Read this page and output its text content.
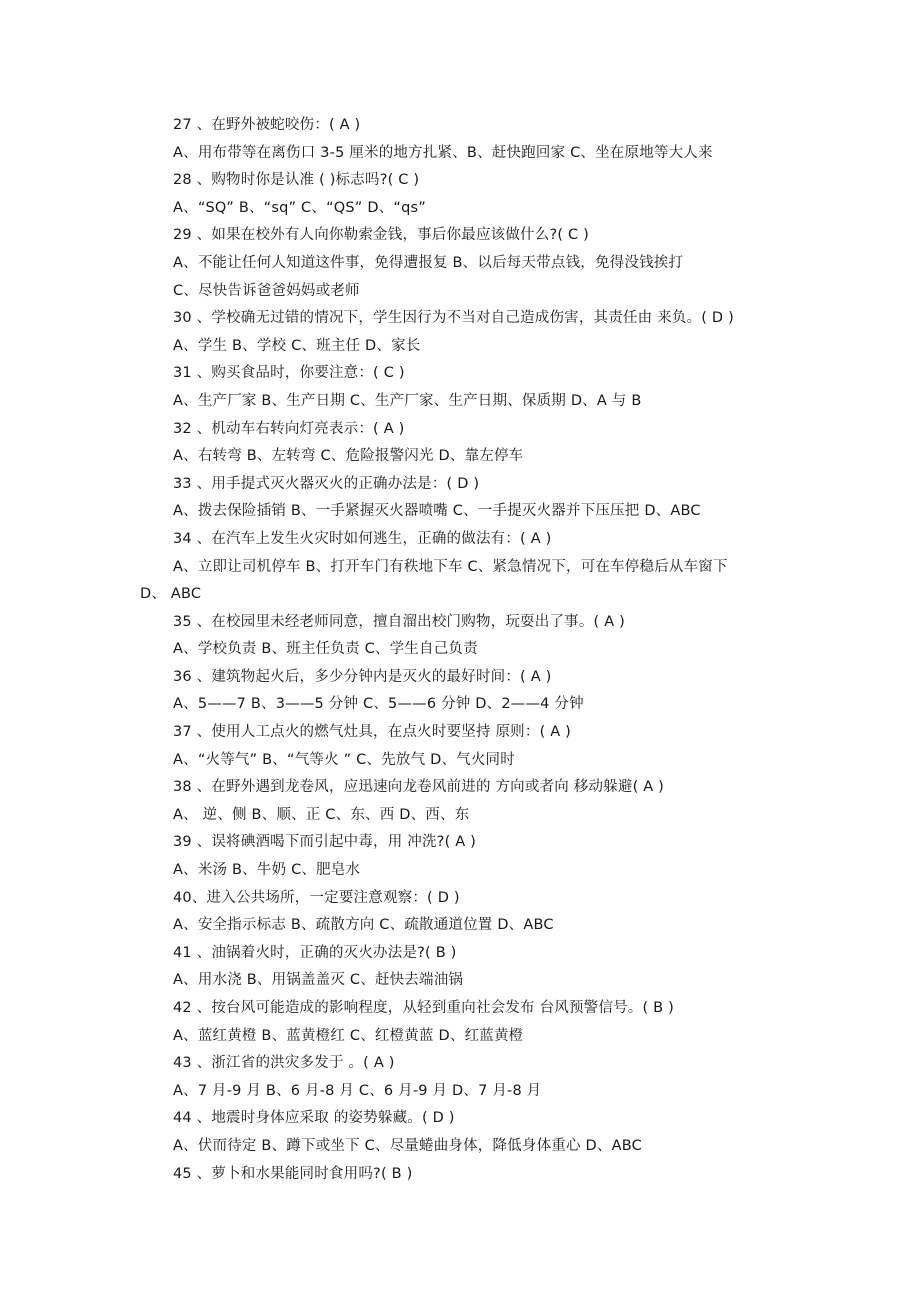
27 、在野外被蛇咬伤：( A )
A、用布带等在离伤口 3-5 厘米的地方扎紧、B、赶快跑回家 C、坐在原地等大人来
28 、购物时你是认准 ( )标志吗?( C )
A、“SQ” B、“sq” C、“QS” D、“qs”
29 、如果在校外有人向你勒索金钱，事后你最应该做什么?( C )
A、不能让任何人知道这件事，免得遭报复 B、以后每天带点钱，免得没钱挨打
C、尽快告诉爸爸妈妈或老师
30 、学校确无过错的情况下，学生因行为不当对自己造成伤害，其责任由 来负。( D )
A、学生 B、学校 C、班主任 D、家长
31 、购买食品时，你要注意：( C )
A、生产厂家 B、生产日期 C、生产厂家、生产日期、保质期 D、A 与 B
32 、机动车右转向灯亮表示：( A )
A、右转弯 B、左转弯 C、危险报警闪光 D、靠左停车
33 、用手提式灭火器灭火的正确办法是：( D )
A、拨去保险插销 B、一手紧握灭火器喷嘴 C、一手提灭火器并下压压把 D、ABC
34 、在汽车上发生火灾时如何逃生，正确的做法有：( A )
A、立即让司机停车 B、打开车门有秩地下车 C、紧急情况下，可在车停稳后从车窗下
D、 ABC
35 、在校园里未经老师同意，擅自溜出校门购物，玩耍出了事。( A )
A、学校负责 B、班主任负责 C、学生自己负责
36 、建筑物起火后，多少分钟内是灭火的最好时间：( A )
A、5——7 B、3——5 分钟 C、5——6 分钟 D、2——4 分钟
37 、使用人工点火的燃气灶具，在点火时要坚持 原则：( A )
A、“火等气” B、“气等火 ” C、先放气 D、气火同时
38 、在野外遇到龙卷风，应迅速向龙卷风前进的 方向或者向 移动躲避( A )
A、 逆、侧 B、顺、正 C、东、西 D、西、东
39 、误将碘酒喝下而引起中毒，用 冲洗?( A )
A、米汤 B、牛奶 C、肥皂水
40、进入公共场所，一定要注意观察：( D )
A、安全指示标志 B、疏散方向 C、疏散通道位置 D、ABC
41 、油锅着火时，正确的灭火办法是?( B )
A、用水浇 B、用锅盖盖灭 C、赶快去端油锅
42 、按台风可能造成的影响程度，从轻到重向社会发布 台风预警信号。( B )
A、蓝红黄橙 B、蓝黄橙红 C、红橙黄蓝 D、红蓝黄橙
43 、浙江省的洪灾多发于 。( A )
A、7 月-9 月 B、6 月-8 月 C、6 月-9 月 D、7 月-8 月
44 、地震时身体应采取 的姿势躲藏。( D )
A、伏而待定 B、蹲下或坐下 C、尽量蜷曲身体，降低身体重心 D、ABC
45 、萝卜和水果能同时食用吗?( B )
